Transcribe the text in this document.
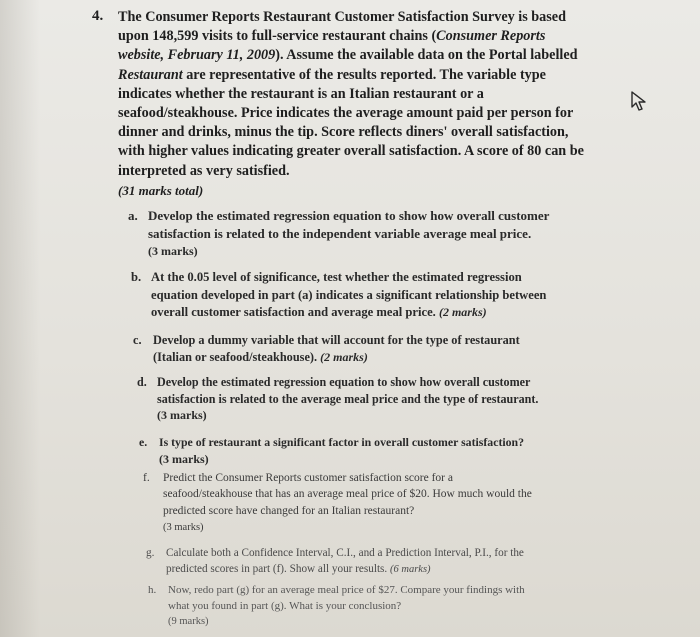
4. The Consumer Reports Restaurant Customer Satisfaction Survey is based upon 148,599 visits to full-service restaurant chains (Consumer Reports website, February 11, 2009). Assume the available data on the Portal labelled Restaurant are representative of the results reported. The variable type indicates whether the restaurant is an Italian restaurant or a seafood/steakhouse. Price indicates the average amount paid per person for dinner and drinks, minus the tip. Score reflects diners' overall satisfaction, with higher values indicating greater overall satisfaction. A score of 80 can be interpreted as very satisfied.
(31 marks total)
a. Develop the estimated regression equation to show how overall customer satisfaction is related to the independent variable average meal price.
(3 marks)
b. At the 0.05 level of significance, test whether the estimated regression equation developed in part (a) indicates a significant relationship between overall customer satisfaction and average meal price. (2 marks)
c. Develop a dummy variable that will account for the type of restaurant (Italian or seafood/steakhouse). (2 marks)
d. Develop the estimated regression equation to show how overall customer satisfaction is related to the average meal price and the type of restaurant.
(3 marks)
e. Is type of restaurant a significant factor in overall customer satisfaction?
(3 marks)
f. Predict the Consumer Reports customer satisfaction score for a seafood/steakhouse that has an average meal price of $20. How much would the predicted score have changed for an Italian restaurant?
(3 marks)
g. Calculate both a Confidence Interval, C.I., and a Prediction Interval, P.I., for the predicted scores in part (f). Show all your results. (6 marks)
h. Now, redo part (g) for an average meal price of $27. Compare your findings with what you found in part (g). What is your conclusion?
(9 marks)
